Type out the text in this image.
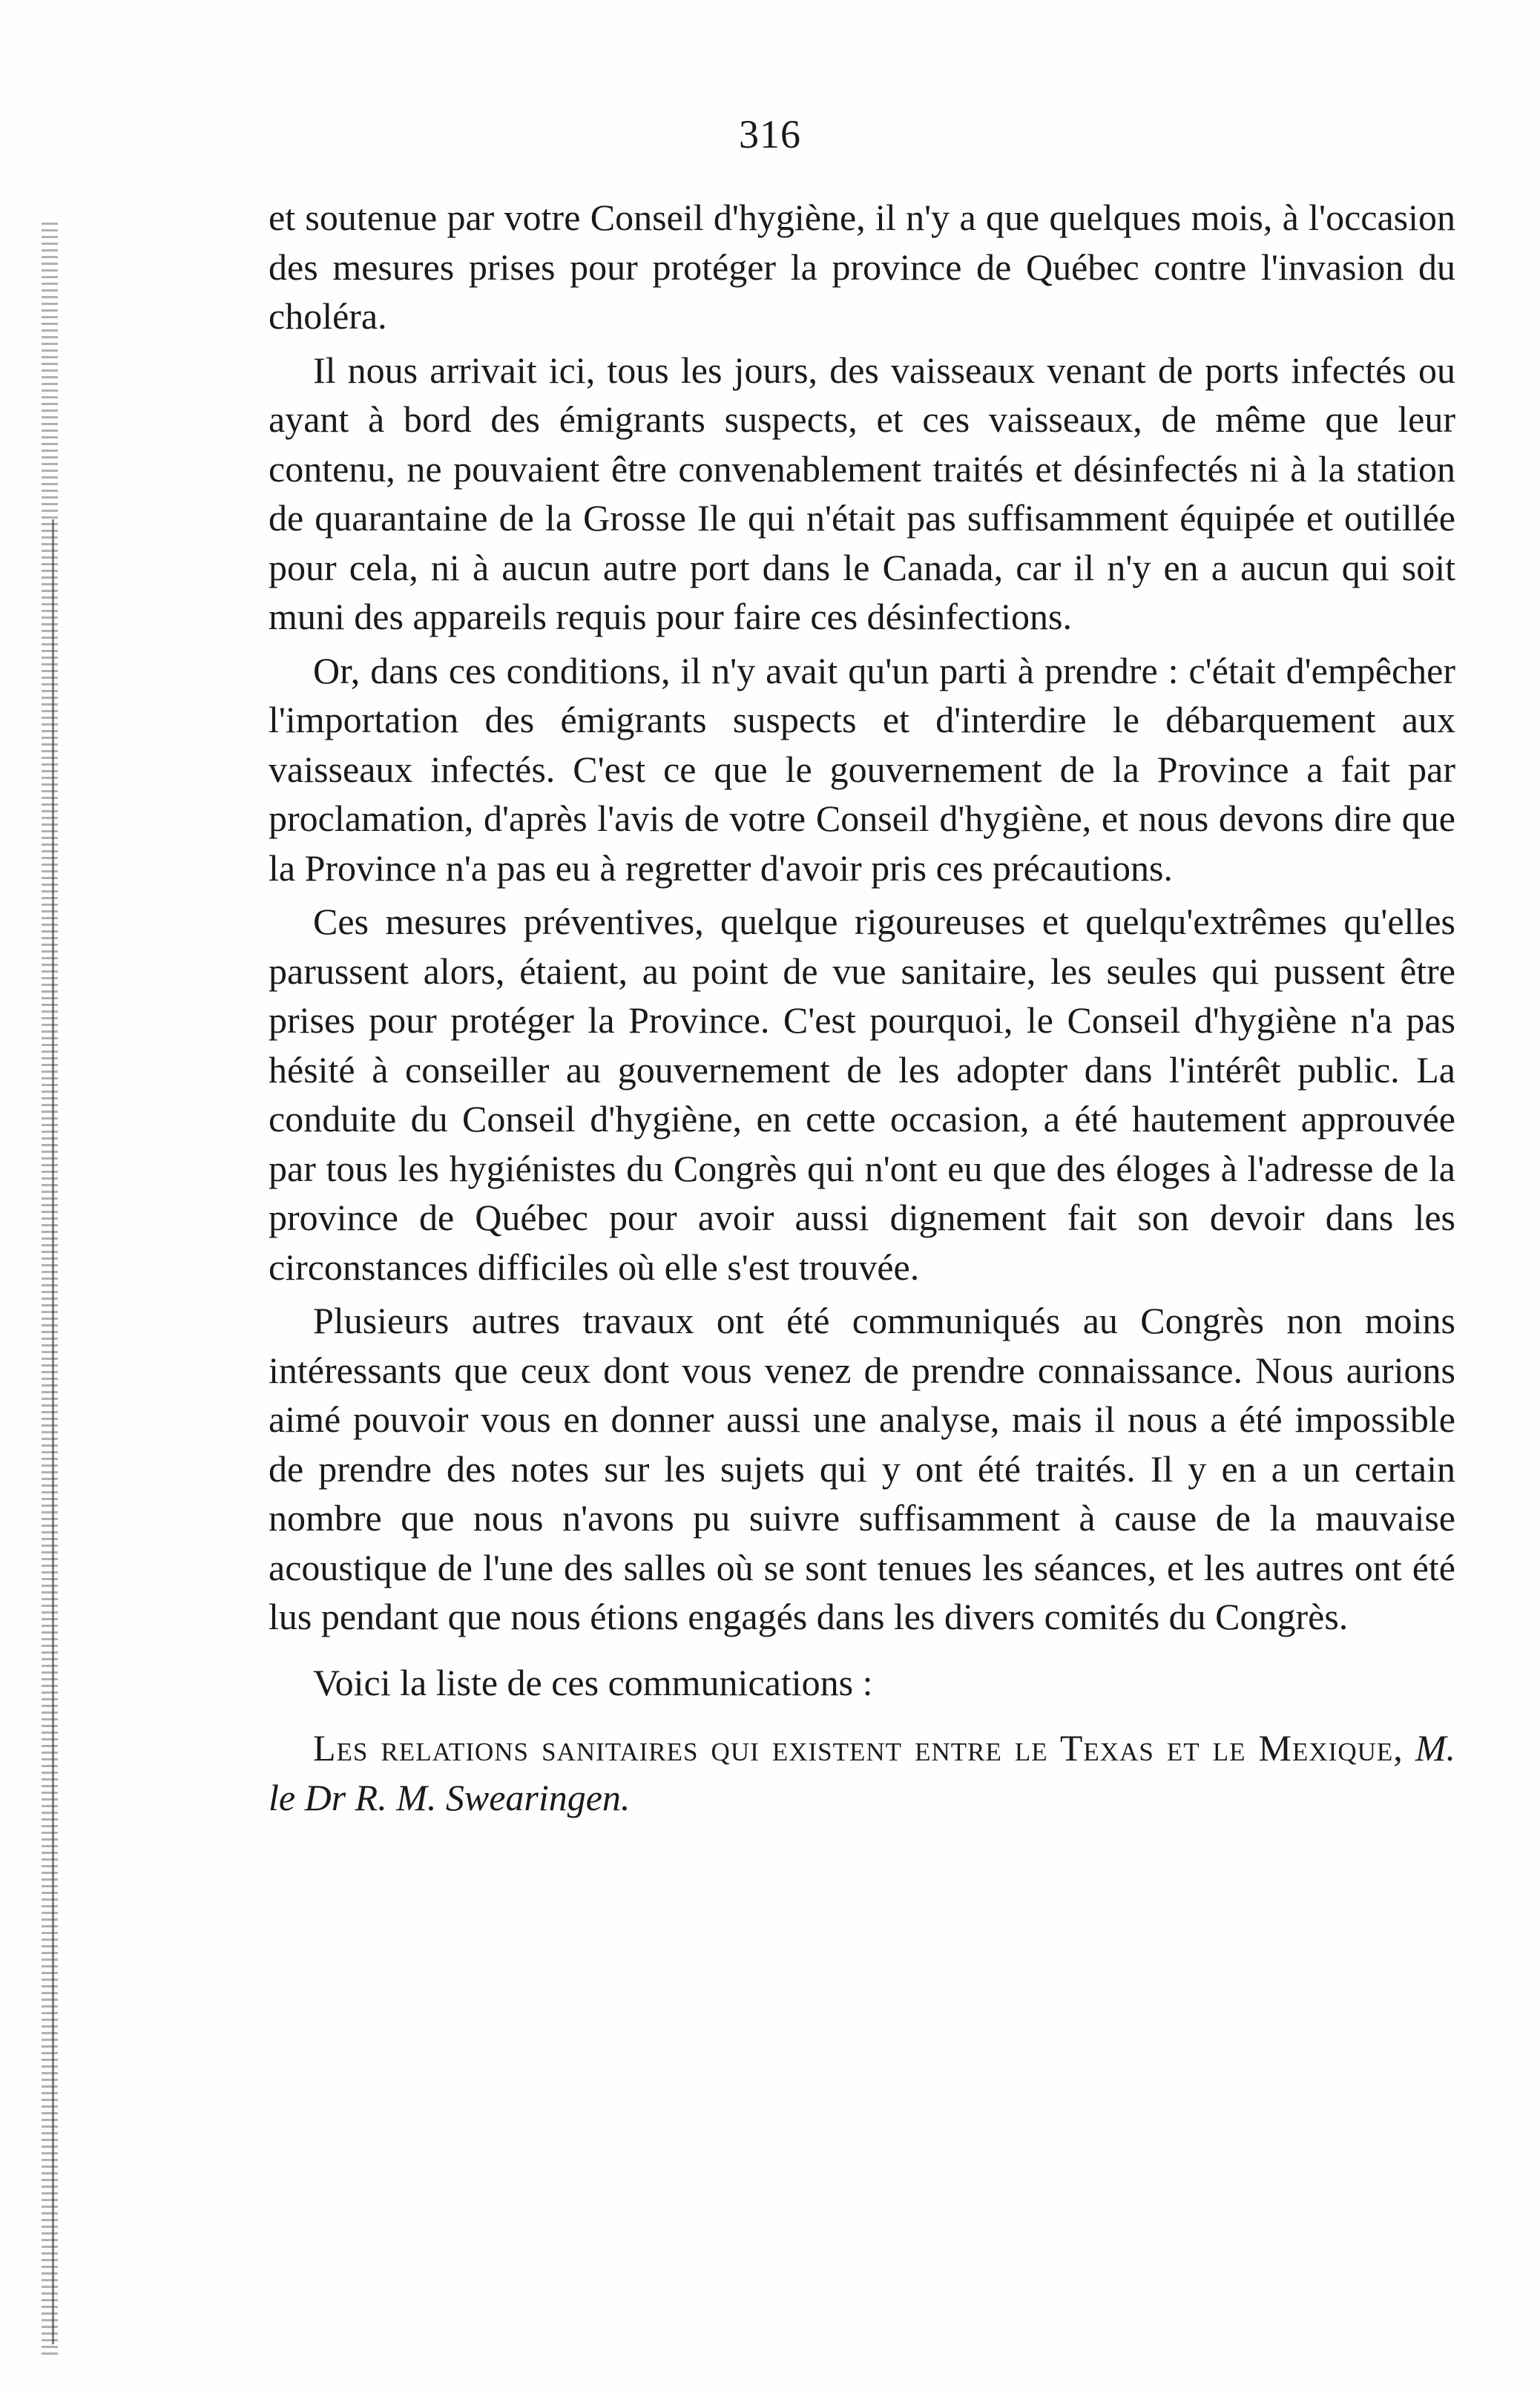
316

et soutenue par votre Conseil d'hygiène, il n'y a que quelques mois, à l'occasion des mesures prises pour protéger la province de Québec contre l'invasion du choléra.

Il nous arrivait ici, tous les jours, des vaisseaux venant de ports infectés ou ayant à bord des émigrants suspects, et ces vaisseaux, de même que leur contenu, ne pouvaient être convenablement traités et désinfectés ni à la station de quarantaine de la Grosse Ile qui n'était pas suffisamment équipée et outillée pour cela, ni à aucun autre port dans le Canada, car il n'y en a aucun qui soit muni des appareils requis pour faire ces désinfections.

Or, dans ces conditions, il n'y avait qu'un parti à prendre : c'était d'empêcher l'importation des émigrants suspects et d'interdire le débarquement aux vaisseaux infectés. C'est ce que le gouvernement de la Province a fait par proclamation, d'après l'avis de votre Conseil d'hygiène, et nous devons dire que la Province n'a pas eu à regretter d'avoir pris ces précautions.

Ces mesures préventives, quelque rigoureuses et quelqu'extrêmes qu'elles parussent alors, étaient, au point de vue sanitaire, les seules qui pussent être prises pour protéger la Province. C'est pourquoi, le Conseil d'hygiène n'a pas hésité à conseiller au gouvernement de les adopter dans l'intérêt public. La conduite du Conseil d'hygiène, en cette occasion, a été hautement approuvée par tous les hygiénistes du Congrès qui n'ont eu que des éloges à l'adresse de la province de Québec pour avoir aussi dignement fait son devoir dans les circonstances difficiles où elle s'est trouvée.

Plusieurs autres travaux ont été communiqués au Congrès non moins intéressants que ceux dont vous venez de prendre connaissance. Nous aurions aimé pouvoir vous en donner aussi une analyse, mais il nous a été impossible de prendre des notes sur les sujets qui y ont été traités. Il y en a un certain nombre que nous n'avons pu suivre suffisamment à cause de la mauvaise acoustique de l'une des salles où se sont tenues les séances, et les autres ont été lus pendant que nous étions engagés dans les divers comités du Congrès.

Voici la liste de ces communications :

Les relations sanitaires qui existent entre le Texas et le Mexique, M. le Dr R. M. Swearingen.
